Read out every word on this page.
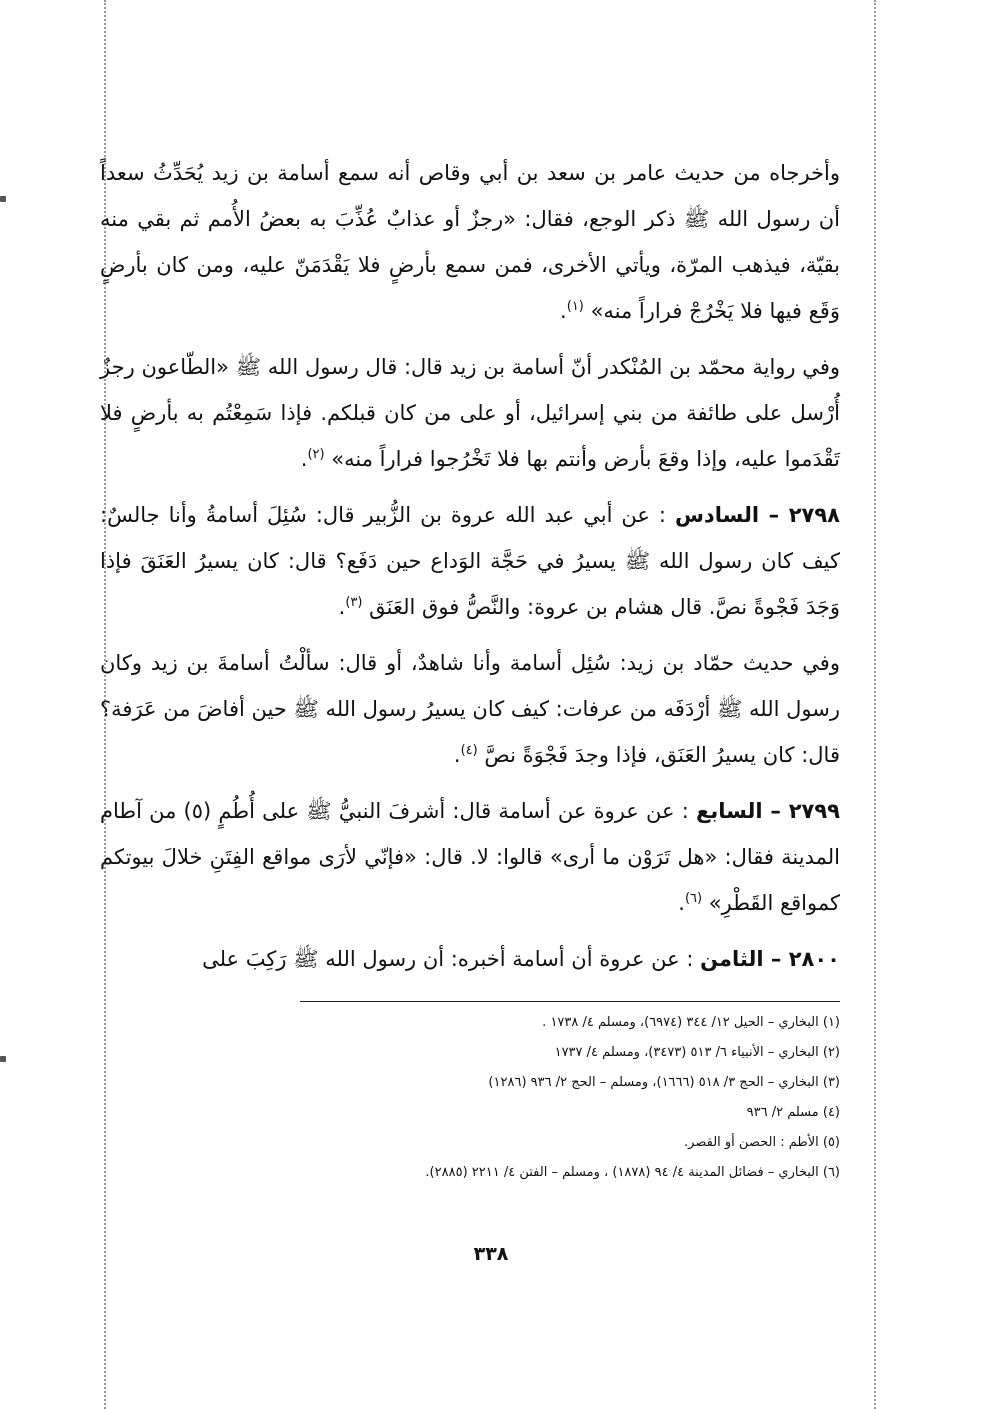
وأخرجاه من حديث عامر بن سعد بن أبي وقاص أنه سمع أسامة بن زيد يُحَدِّثُ سعداً أن رسول الله ﷺ ذكر الوجع، فقال: «رجزٌ أو عذابٌ عُذِّبَ به بعضُ الأُمم ثم بقي منه بقيّة، فيذهب المرّة، ويأتي الأخرى، فمن سمع بأرضٍ فلا يَقْدَمَنّ عليه، ومن كان بأرضٍ وَقَع فيها فلا يَخْرُجْ فراراً منه» $^{(١)}$.

وفي رواية محمّد بن المُنْكدر أنّ أسامة بن زيد قال: قال رسول الله ﷺ «الطّاعون رجزٌ أُرْسل على طائفة من بني إسرائيل، أو على من كان قبلكم. فإذا سَمِعْتُم به بأرضٍ فلا تَقْدَموا عليه، وإذا وقعَ بأرض وأنتم بها فلا تَخْرُجوا فراراً منه» $^{(٢)}$.

٢٧٩٨ – السادس : عن أبي عبد الله عروة بن الزُّبير قال: سُئِلَ أسامةُ وأنا جالسٌ: كيف كان رسول الله ﷺ يسيرُ في حَجَّة الوَداع حين دَفَع؟ قال: كان يسيرُ العَنَقَ فإذا وَجَدَ فَجْوةً نصَّ. قال هشام بن عروة: والنَّصُّ فوق العَنَق $^{(٣)}$.

وفي حديث حمّاد بن زيد: سُئِل أسامة وأنا شاهدٌ، أو قال: سألْتُ أسامةَ بن زيد وكان رسول الله ﷺ أرْدَفَه من عرفات: كيف كان يسيرُ رسول الله ﷺ حين أفاضَ من عَرَفة؟ قال: كان يسيرُ العَنَق، فإذا وجدَ فَجْوَةً نصَّ $^{(٤)}$.

٢٧٩٩ – السابع : عن عروة عن أسامة قال: أشرفَ النبيُّ ﷺ على أُطُمٍ (٥) من آطام المدينة فقال: «هل تَرَوْن ما أرى» قالوا: لا. قال: «فإنّي لأرَى مواقع الفِتَنِ خلالَ بيوتكم كمواقع القَطْرِ» $^{(٦)}$.

٢٨٠٠ – الثامن : عن عروة أن أسامة أخبره: أن رسول الله ﷺ رَكِبَ على

(١) البخاري – الحيل ١٢/ ٣٤٤ (٦٩٧٤)، ومسلم ٤/ ١٧٣٨ .
(٢) البخاري – الأنبياء ٦/ ٥١٣ (٣٤٧٣)، ومسلم ٤/ ١٧٣٧
(٣) البخاري – الحج ٣/ ٥١٨ (١٦٦٦)، ومسلم – الحج ٢/ ٩٣٦ (١٢٨٦)
(٤) مسلم ٢/ ٩٣٦
(٥) الأطم : الحصن أو القصر.
(٦) البخاري – فضائل المدينة ٤/ ٩٤ (١٨٧٨) ، ومسلم – الفتن ٤/ ٢٢١١ (٢٨٨٥).
٣٣٨
